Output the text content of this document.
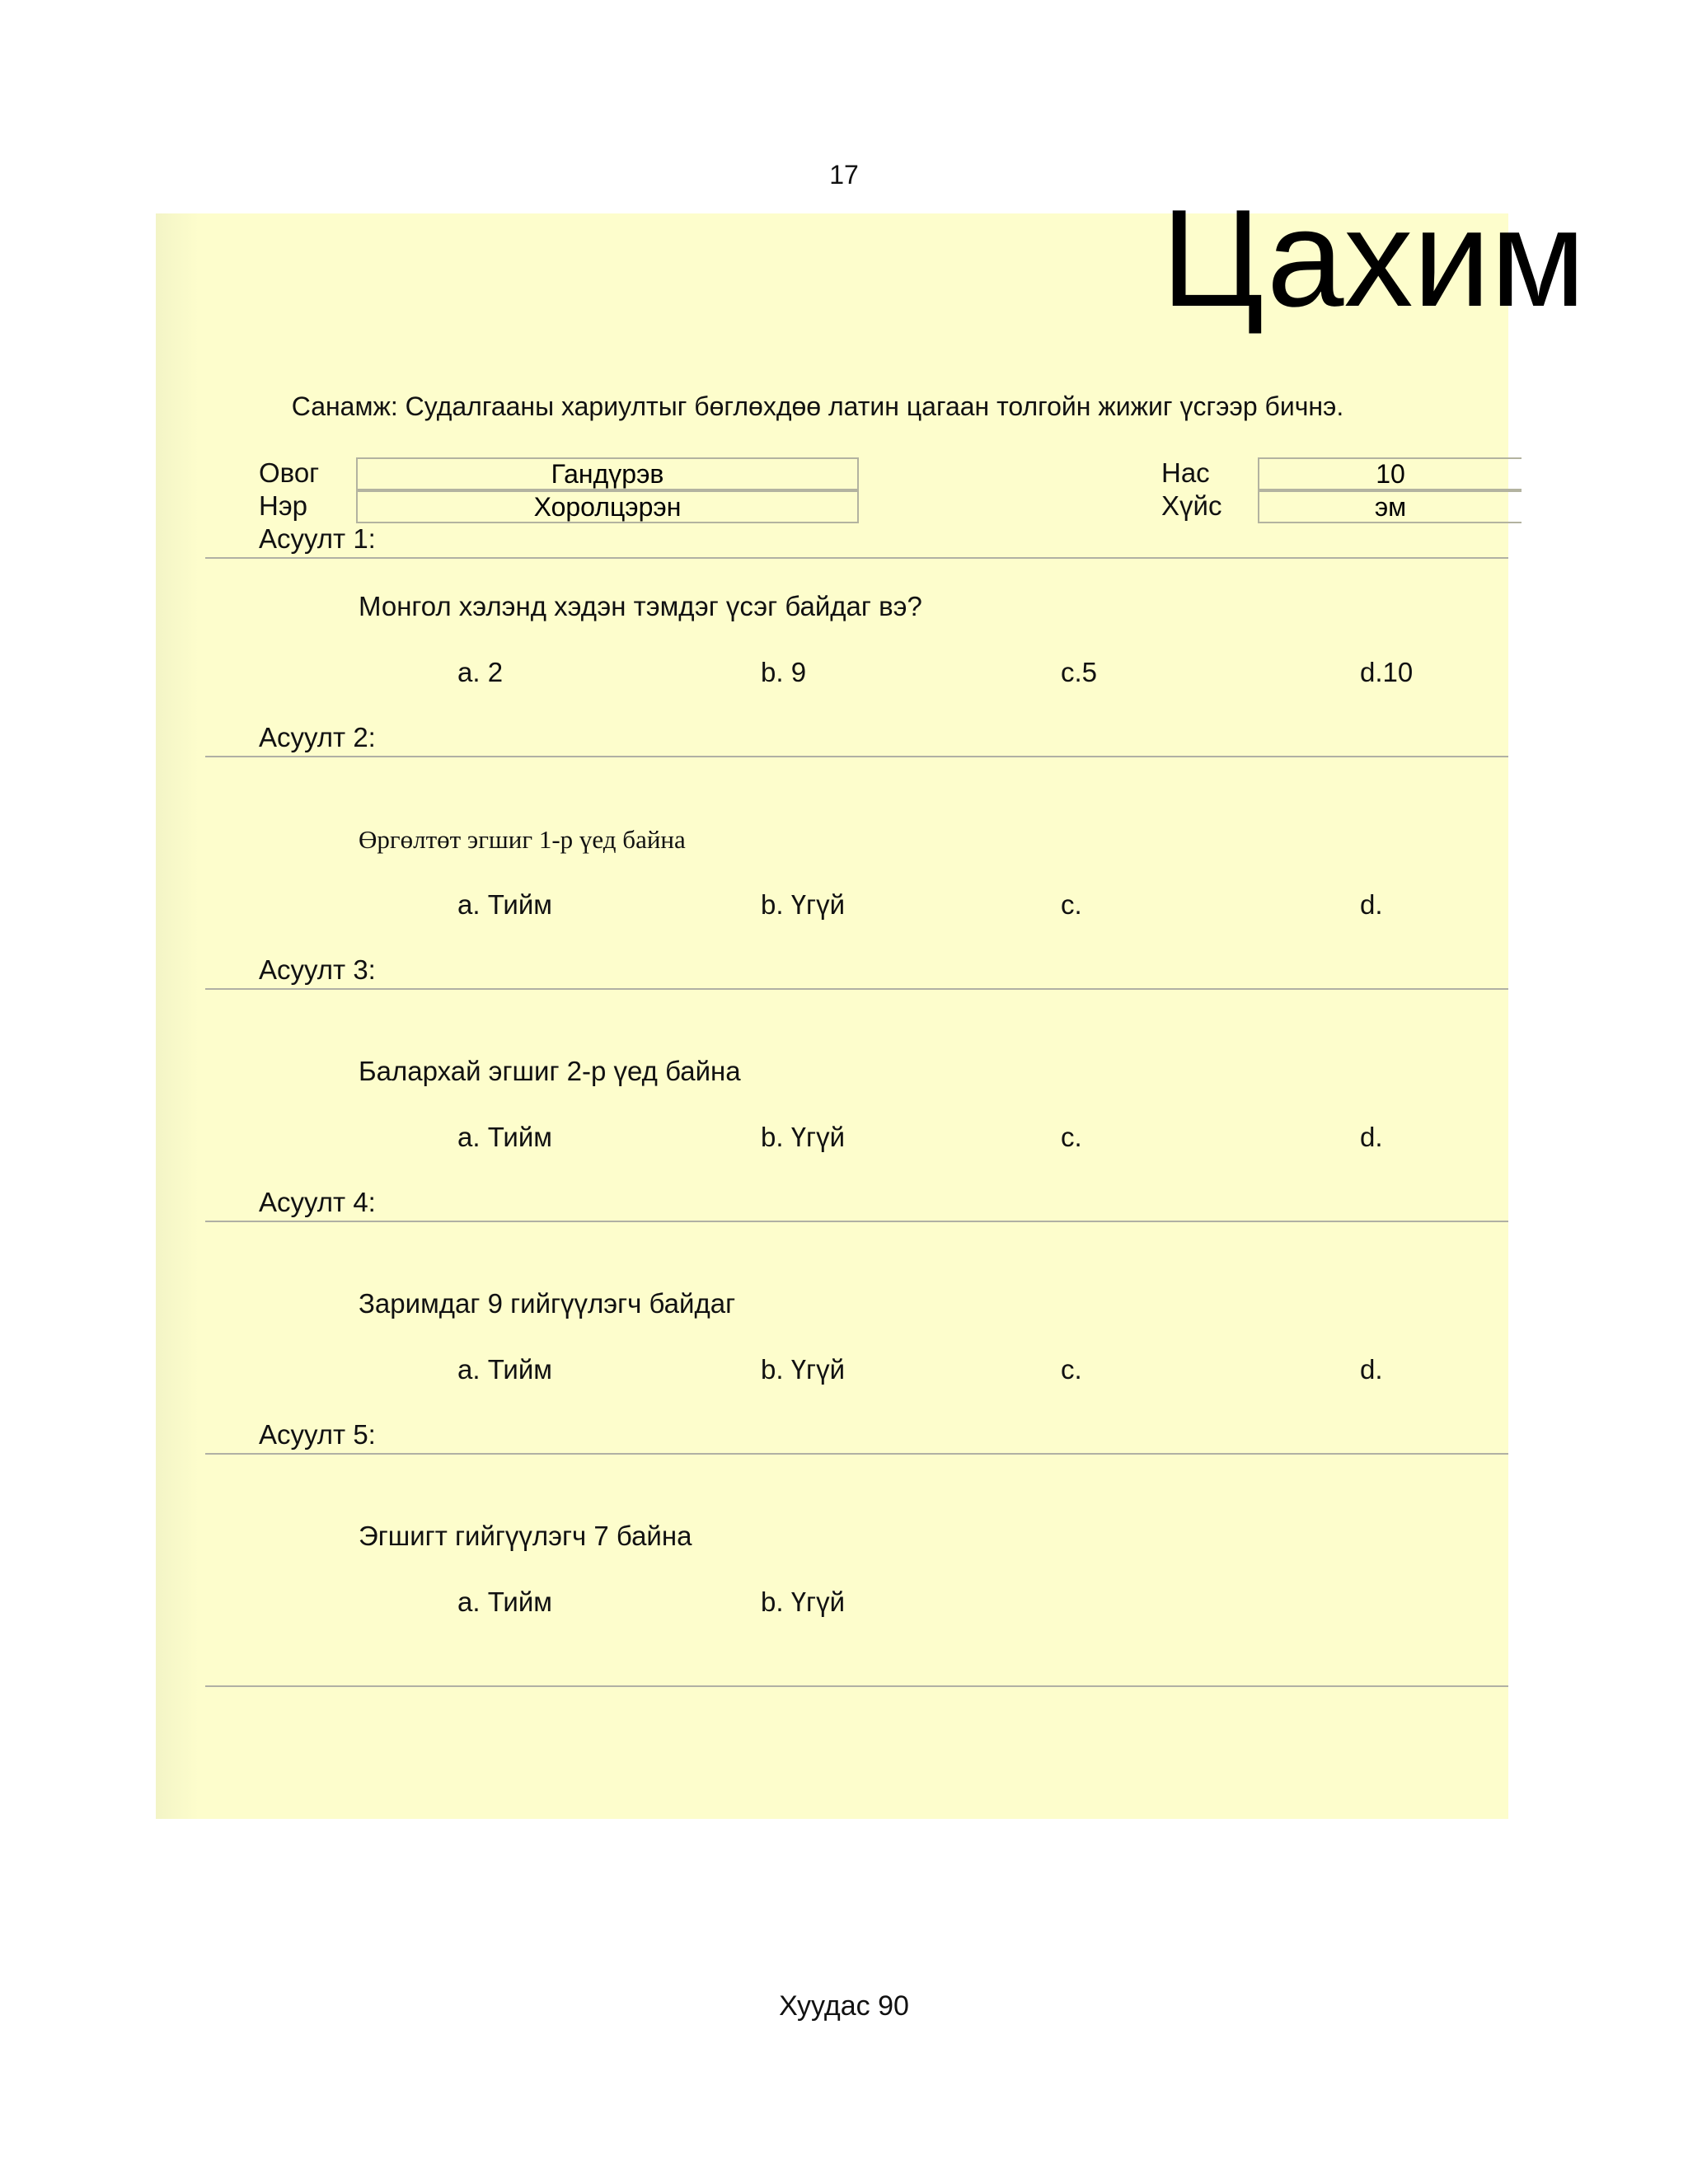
17
Цахим
Санамж: Судалгааны хариултыг бөглөхдөө латин цагаан толгойн жижиг үсгээр бичнэ.
Овог
Гандүрэв
Нэр
Хоролцэрэн
Нас
10
Хүйс
эм
Асуулт 1:
Монгол хэлэнд хэдэн тэмдэг үсэг байдаг вэ?
a. 2	b. 9	c.5	d.10
Асуулт 2:
Өргөлтөт эгшиг 1-р үед байна
a. Тийм	b. Үгүй	c.	d.
Асуулт 3:
Балархай эгшиг 2-р үед байна
a. Тийм	b. Үгүй	c.	d.
Асуулт 4:
Заримдаг 9 гийгүүлэгч байдаг
a. Тийм	b. Үгүй	c.	d.
Асуулт 5:
Эгшигт гийгүүлэгч 7 байна
a. Тийм	b. Үгүй
Хуудас 90
